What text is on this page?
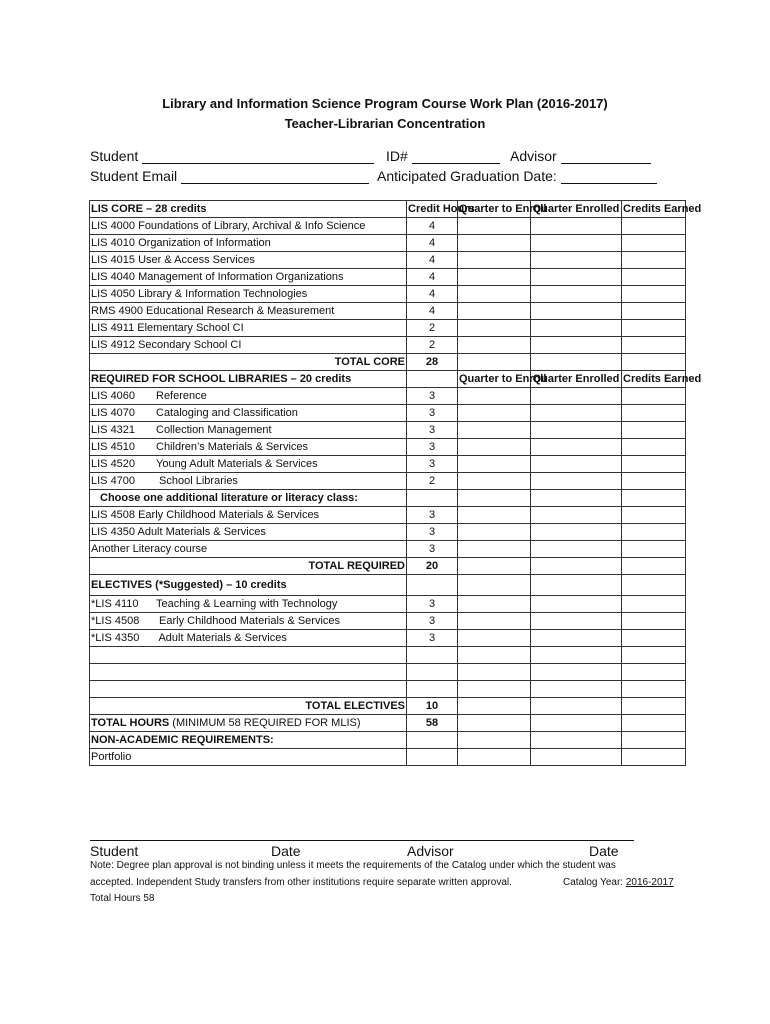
Library and Information Science Program Course Work Plan (2016-2017)
Teacher-Librarian Concentration
Student	ID#	Advisor
Student Email	Anticipated Graduation Date:
LIS CORE – 28 credits	Credit Hours	Quarter to Enroll	Quarter Enrolled	Credits Earned
LIS 4000 Foundations of Library, Archival & Info Science	4			
LIS 4010 Organization of Information	4			
LIS 4015 User & Access Services	4			
LIS 4040 Management of Information Organizations	4			
LIS 4050 Library & Information Technologies	4			
RMS 4900 Educational Research & Measurement	4			
LIS 4911 Elementary School CI	2			
LIS 4912 Secondary School CI	2			
TOTAL CORE	28			
REQUIRED FOR SCHOOL LIBRARIES – 20 credits		Quarter to Enroll	Quarter Enrolled	Credits Earned
LIS 4060 Reference	3			
LIS 4070 Cataloging and Classification	3			
LIS 4321 Collection Management	3			
LIS 4510 Children’s Materials & Services	3			
LIS 4520 Young Adult Materials & Services	3			
LIS 4700 School Libraries	2			
Choose one additional literature or literacy class:				
LIS 4508 Early Childhood Materials & Services	3			
LIS 4350 Adult Materials & Services	3			
Another Literacy course	3			
TOTAL REQUIRED	20			
ELECTIVES (*Suggested) – 10 credits				
*LIS 4110 Teaching & Learning with Technology	3			
*LIS 4508 Early Childhood Materials & Services	3			
*LIS 4350 Adult Materials & Services	3			

TOTAL ELECTIVES	10			
TOTAL HOURS (MINIMUM 58 REQUIRED FOR MLIS)	58			
NON-ACADEMIC REQUIREMENTS:				
Portfolio				
Student	Date	Advisor	Date
Note: Degree plan approval is not binding unless it meets the requirements of the Catalog under which the student was
accepted. Independent Study transfers from other institutions require separate written approval.	Catalog Year: 2016-2017
Total Hours 58
